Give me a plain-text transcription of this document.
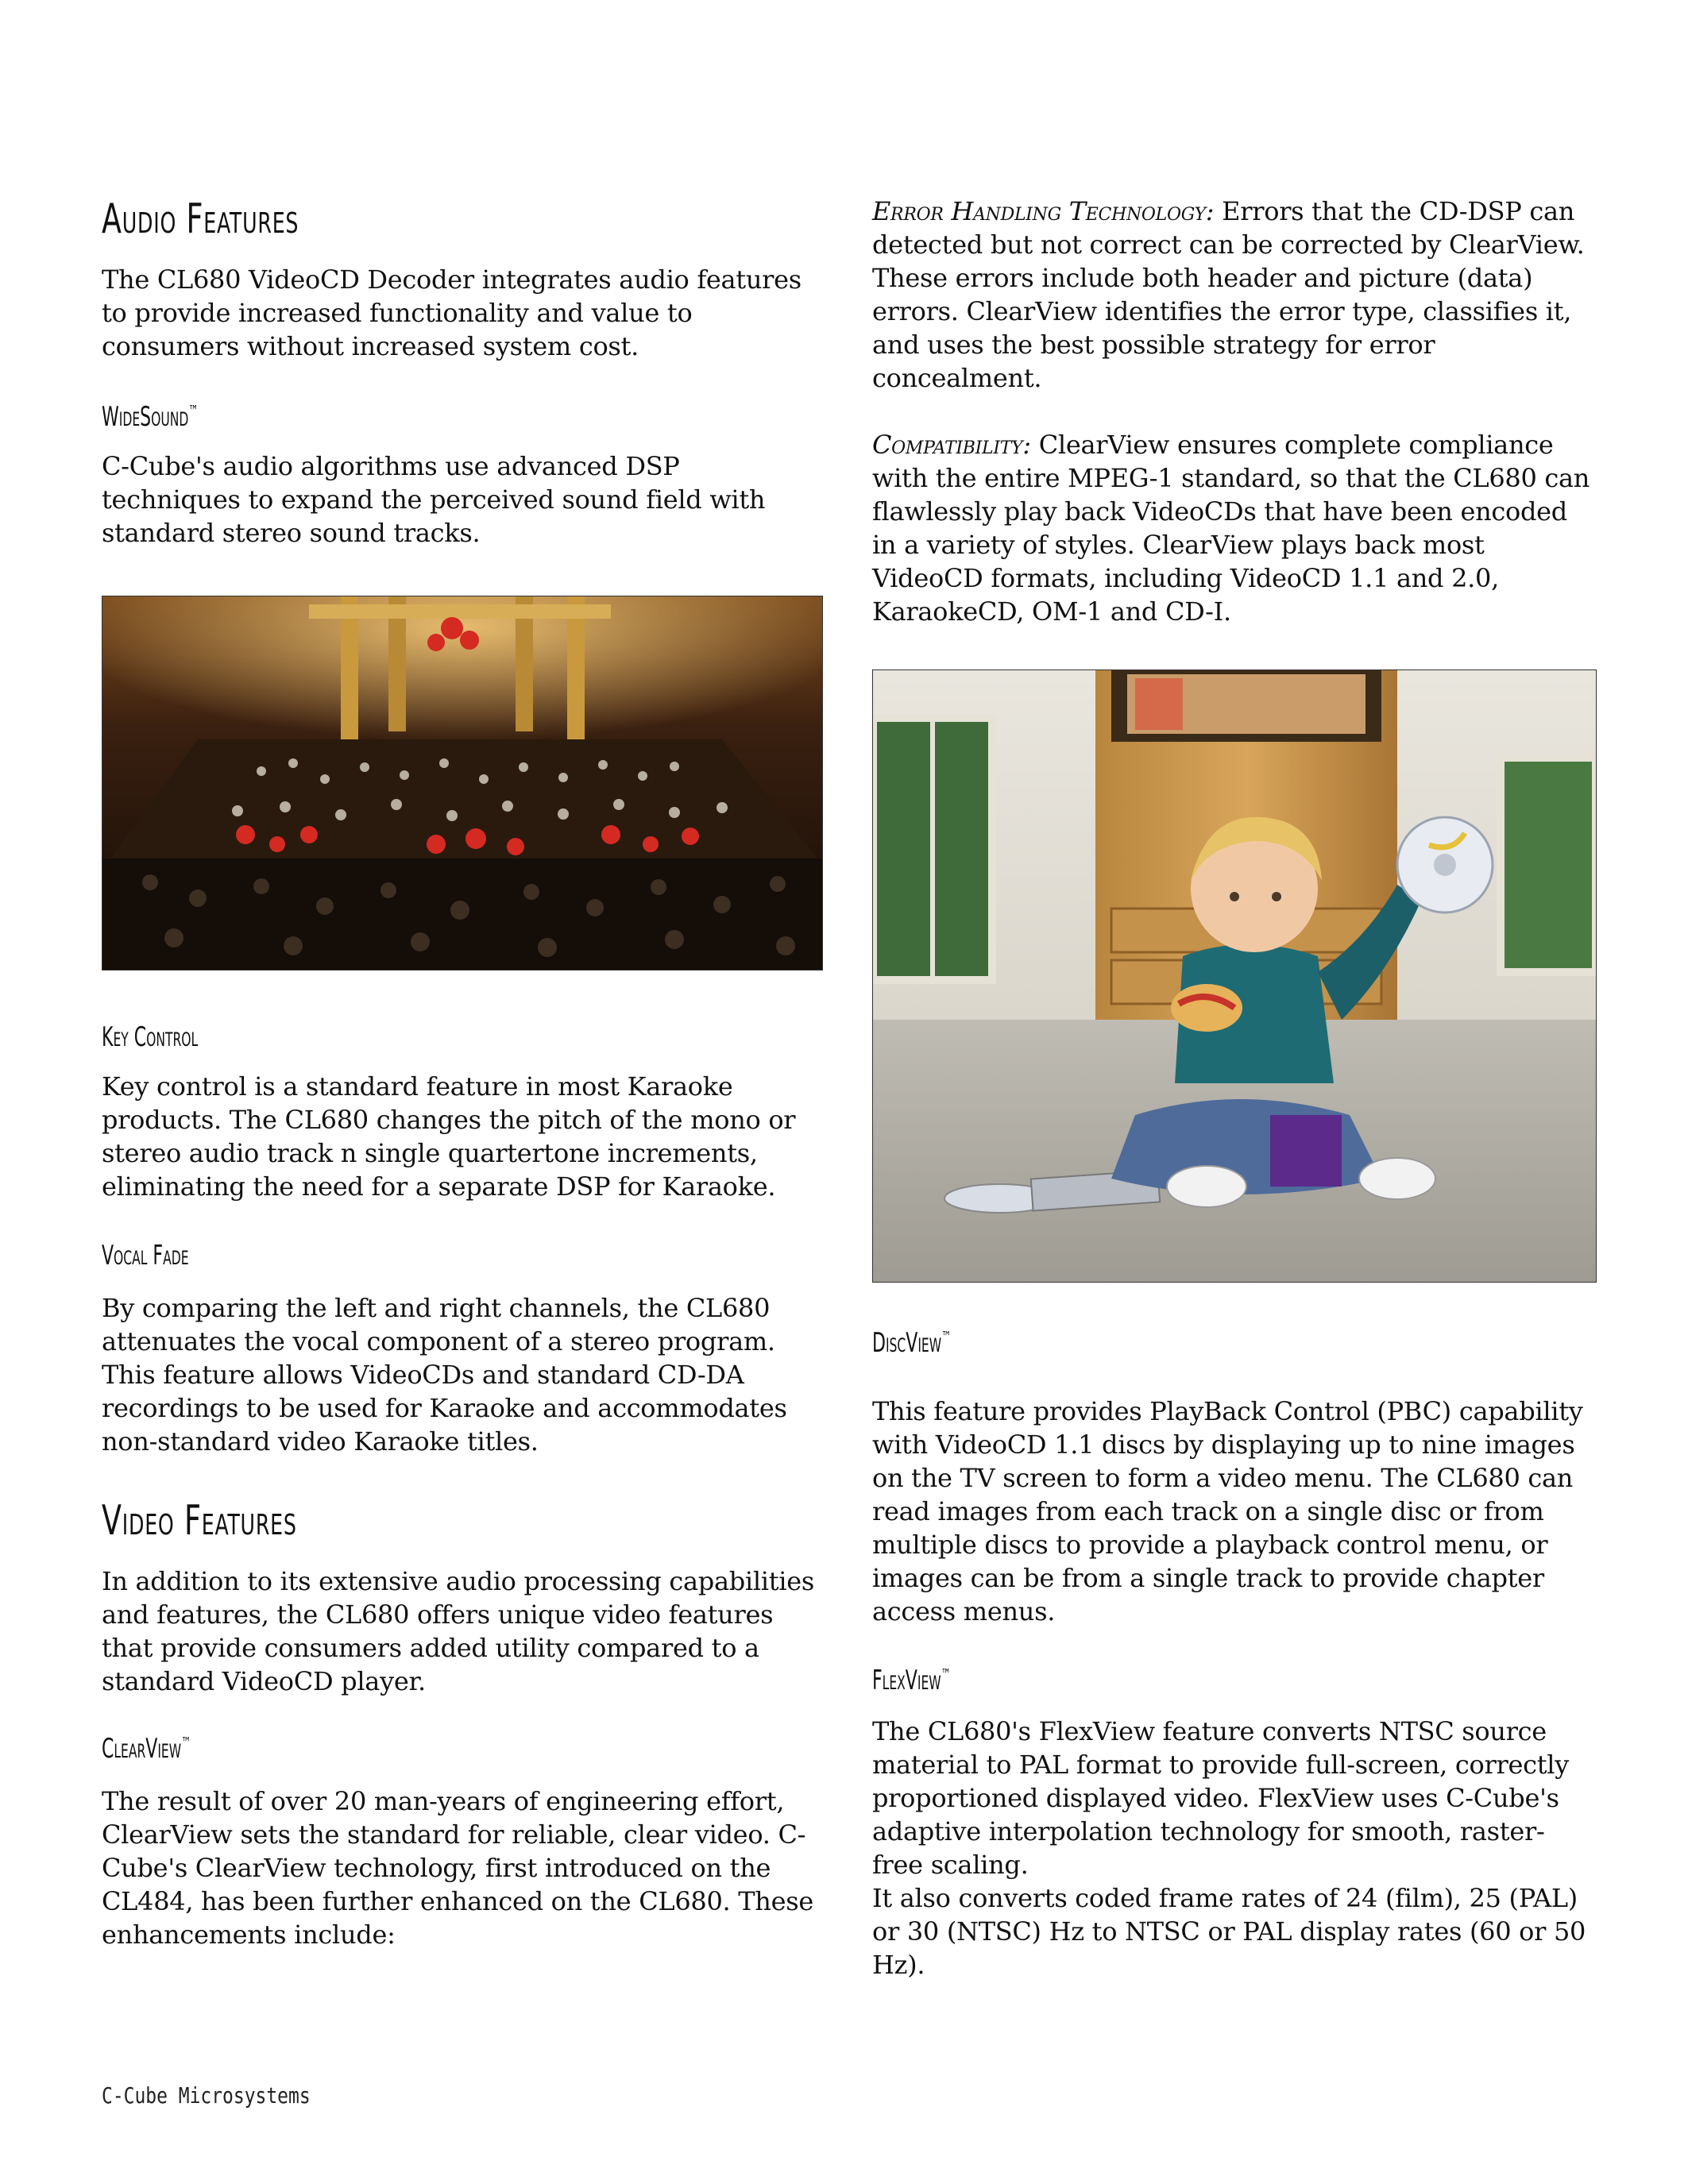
Audio Features

The CL680 VideoCD Decoder integrates audio features to provide increased functionality and value to consumers without increased system cost.

WideSound™

C-Cube's audio algorithms use advanced DSP techniques to expand the perceived sound field with standard stereo sound tracks.

Key Control

Key control is a standard feature in most Karaoke products. The CL680 changes the pitch of the mono or stereo audio track n single quartertone increments, eliminating the need for a separate DSP for Karaoke.

Vocal Fade

By comparing the left and right channels, the CL680 attenuates the vocal component of a stereo program. This feature allows VideoCDs and standard CD-DA recordings to be used for Karaoke and accommodates non-standard video Karaoke titles.

Video Features

In addition to its extensive audio processing capabilities and features, the CL680 offers unique video features that provide consumers added utility compared to a standard VideoCD player.

ClearView™

The result of over 20 man-years of engineering effort, ClearView sets the standard for reliable, clear video. C-Cube's ClearView technology, first introduced on the CL484, has been further enhanced on the CL680. These enhancements include:

Error Handling Technology: Errors that the CD-DSP can detected but not correct can be corrected by ClearView. These errors include both header and picture (data) errors. ClearView identifies the error type, classifies it, and uses the best possible strategy for error concealment.

Compatibility: ClearView ensures complete compliance with the entire MPEG-1 standard, so that the CL680 can flawlessly play back VideoCDs that have been encoded in a variety of styles. ClearView plays back most VideoCD formats, including VideoCD 1.1 and 2.0, KaraokeCD, OM-1 and CD-I.

DiscView™

This feature provides PlayBack Control (PBC) capability with VideoCD 1.1 discs by displaying up to nine images on the TV screen to form a video menu. The CL680 can read images from each track on a single disc or from multiple discs to provide a playback control menu, or images can be from a single track to provide chapter access menus.

FlexView™

The CL680's FlexView feature converts NTSC source material to PAL format to provide full-screen, correctly proportioned displayed video. FlexView uses C-Cube's adaptive interpolation technology for smooth, raster-free scaling.

It also converts coded frame rates of 24 (film), 25 (PAL) or 30 (NTSC) Hz to NTSC or PAL display rates (60 or 50 Hz).

C-Cube Microsystems
